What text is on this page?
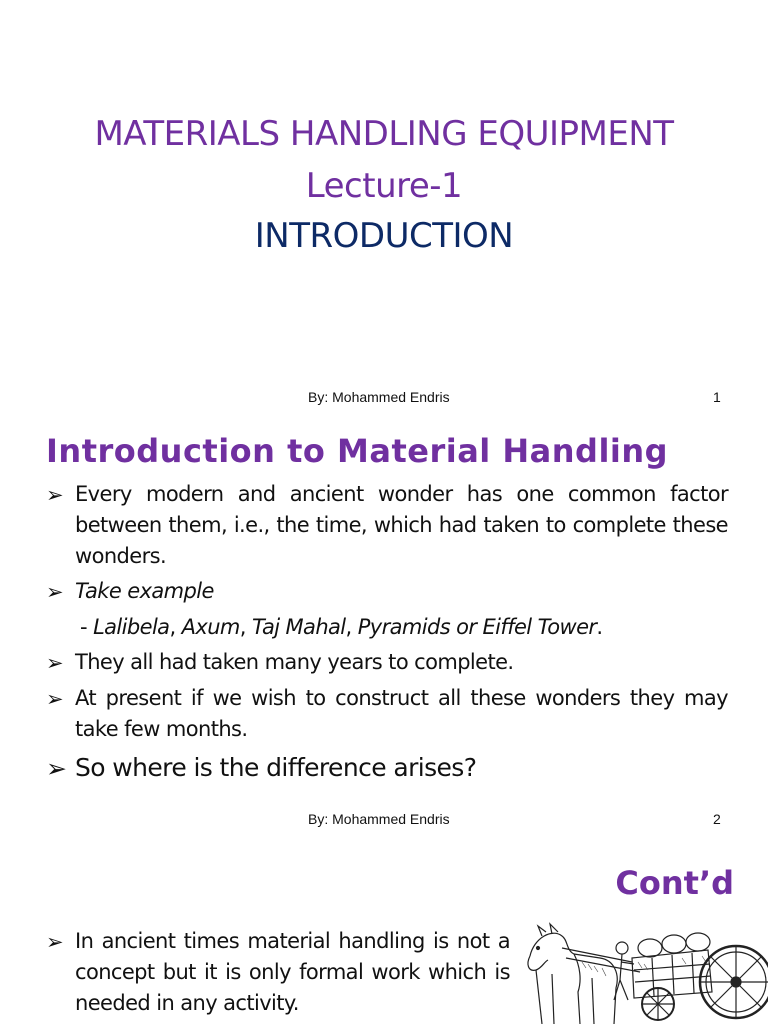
MATERIALS HANDLING EQUIPMENT
Lecture-1
INTRODUCTION
By: Mohammed Endris	1
Introduction to Material Handling
➢ Every modern and ancient wonder has one common factor between them, i.e., the time, which had taken to complete these wonders.
➢ Take example
- Lalibela, Axum, Taj Mahal, Pyramids or Eiffel Tower.
➢ They all had taken many years to complete.
➢ At present if we wish to construct all these wonders they may take few months.
➢ So where is the difference arises?
By: Mohammed Endris	2
Cont’d
➢ In ancient times material handling is not a concept but it is only formal work which is needed in any activity.
